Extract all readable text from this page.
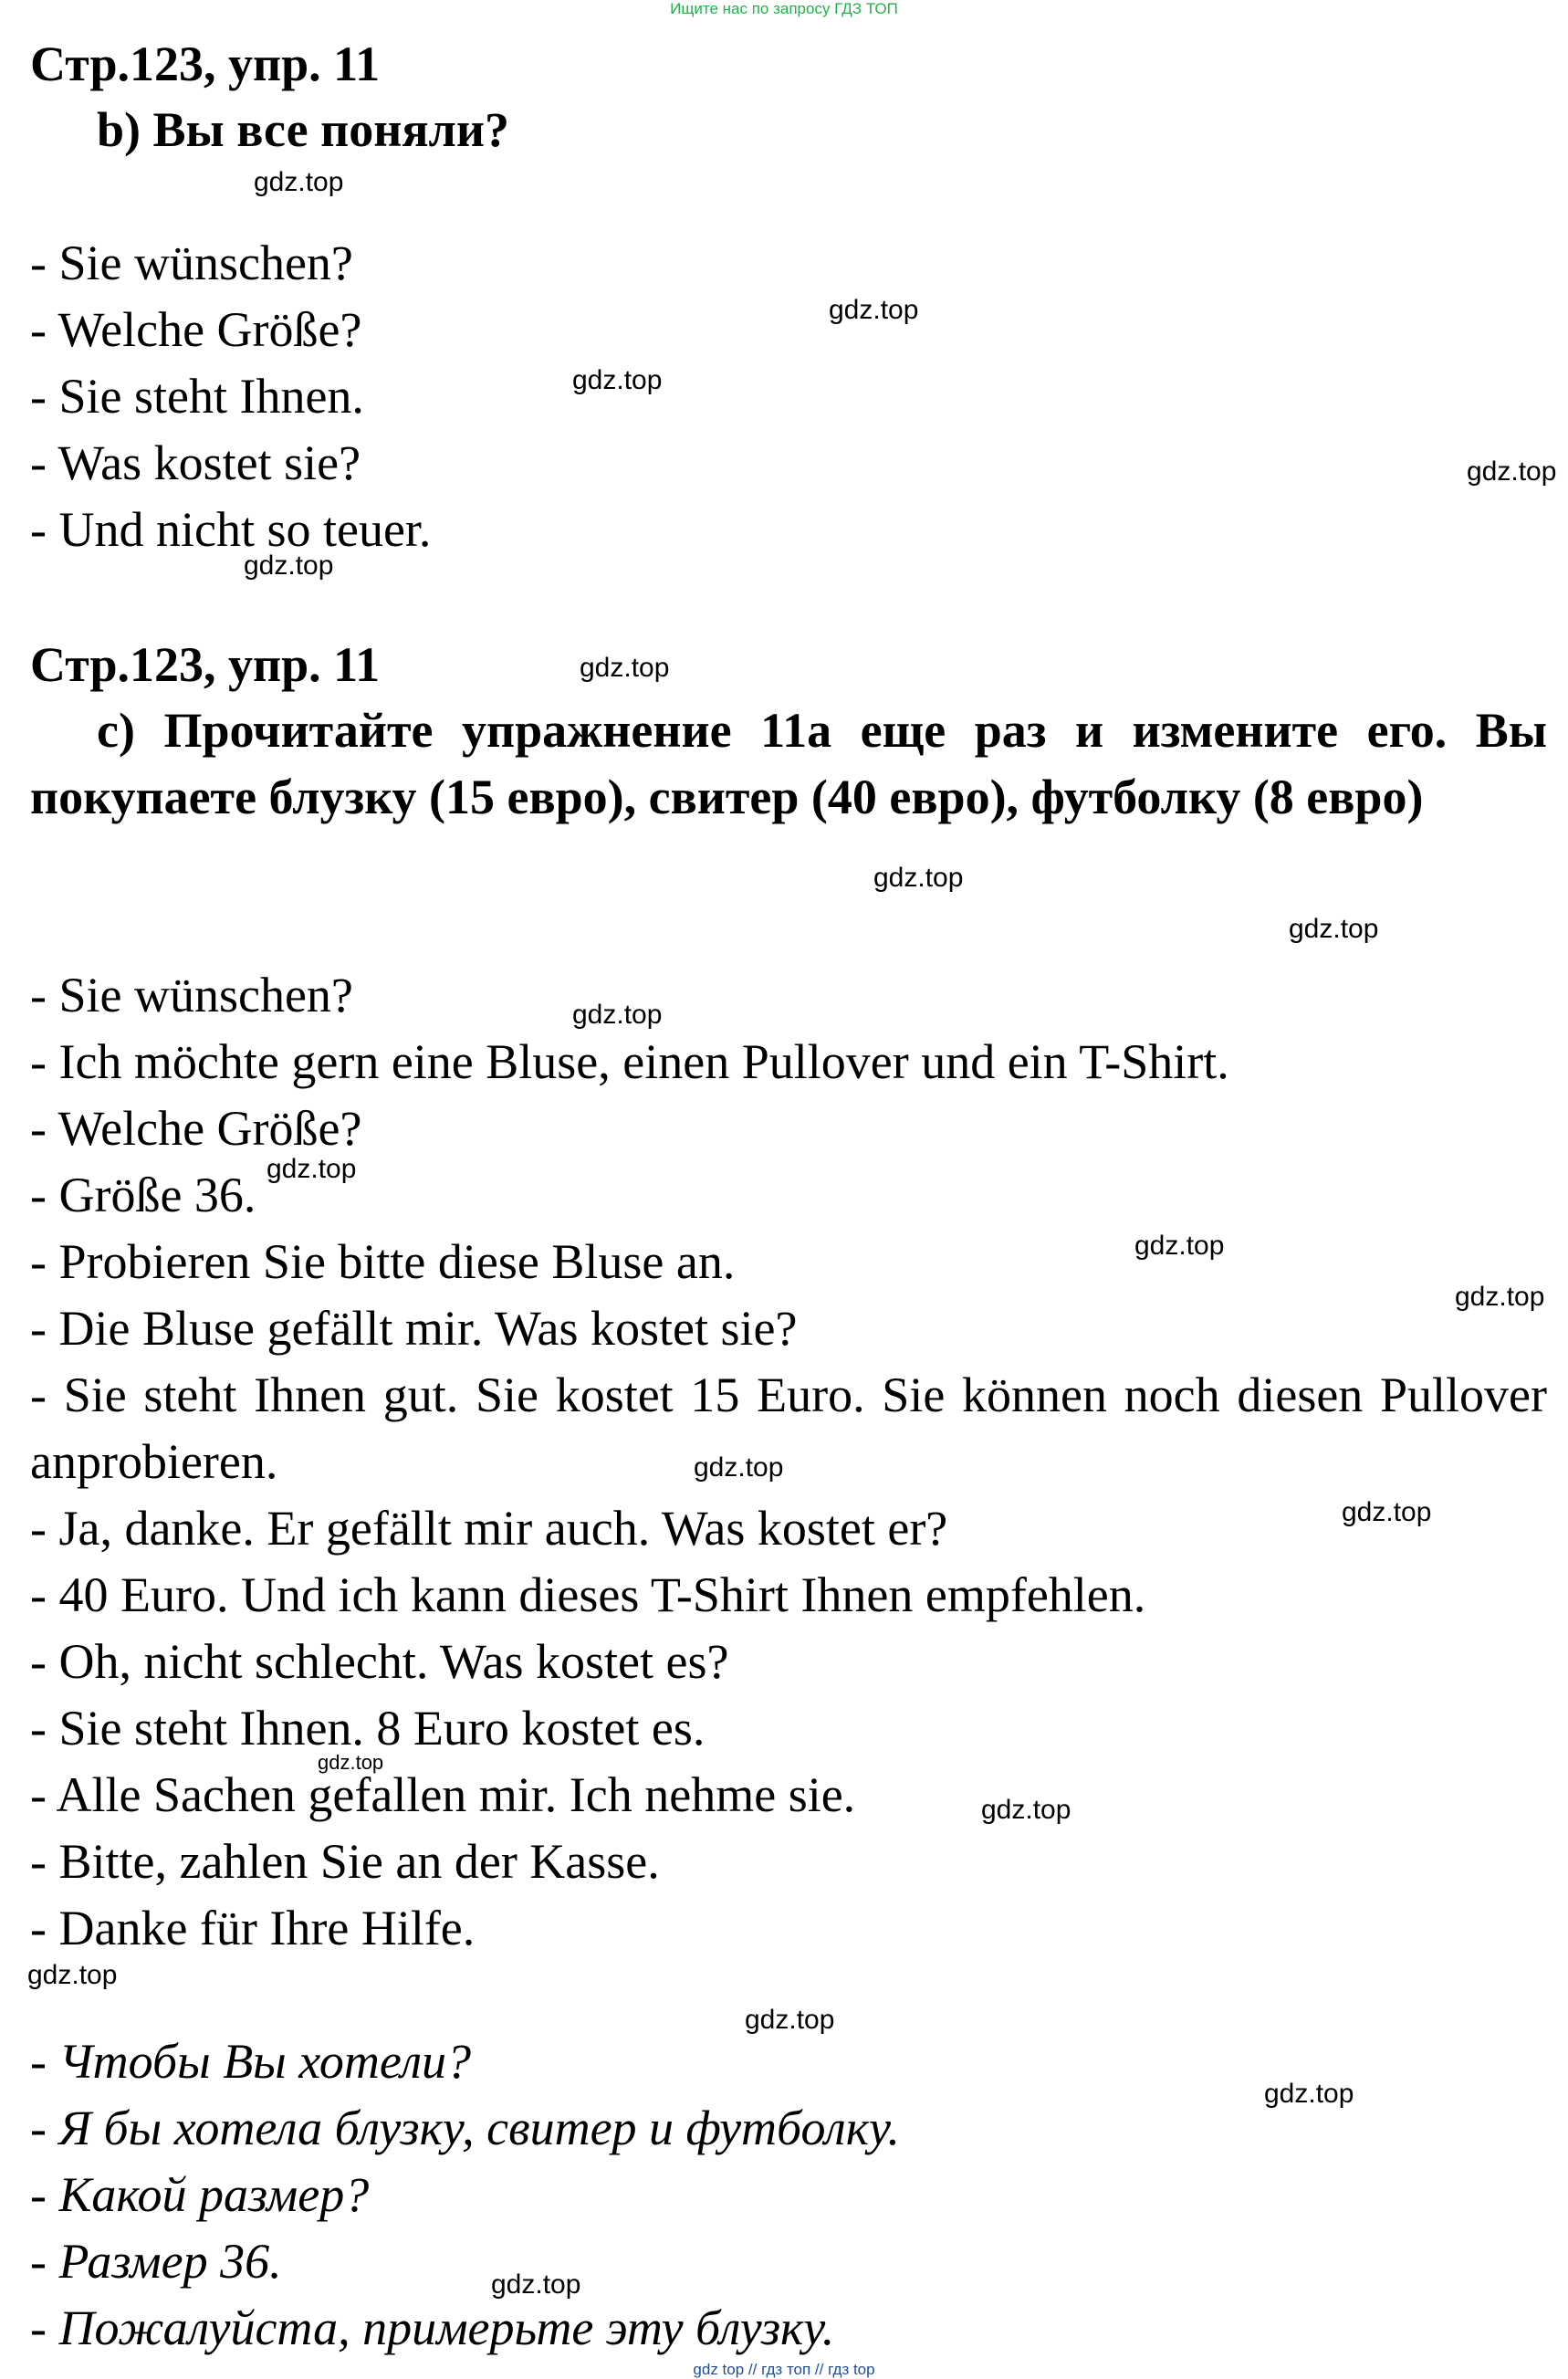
Ищите нас по запросу ГДЗ ТОП
Стр.123, упр. 11
b) Вы все поняли?
- Sie wünschen?
- Welche Größe?
- Sie steht Ihnen.
- Was kostet sie?
- Und nicht so teuer.
Стр.123, упр. 11

c) Прочитайте упражнение 11a еще раз и измените его. Вы покупаете блузку (15 евро), свитер (40 евро), футболку (8 евро)

- Sie wünschen?
- Ich möchte gern eine Bluse, einen Pullover und ein T-Shirt.
- Welche Größe?
- Größe 36.
- Probieren Sie bitte diese Bluse an.
- Die Bluse gefällt mir. Was kostet sie?

- Sie steht Ihnen gut. Sie kostet 15 Euro. Sie können noch diesen Pullover anprobieren.

- Ja, danke. Er gefällt mir auch. Was kostet er?
- 40 Euro. Und ich kann dieses T-Shirt Ihnen empfehlen.
- Oh, nicht schlecht. Was kostet es?
- Sie steht Ihnen. 8 Euro kostet es.
- Alle Sachen gefallen mir. Ich nehme sie.
- Bitte, zahlen Sie an der Kasse.
- Danke für Ihre Hilfe.
- Чтобы Вы хотели?
- Я бы хотела блузку, свитер и футболку.
- Какой размер?
- Размер 36.
- Пожалуйста, примерьте эту блузку.
gdz.top
gdz.top
gdz.top
gdz.top
gdz.top
gdz.top
gdz.top
gdz.top
gdz.top
gdz.top
gdz.top
gdz.top
gdz.top
gdz.top
gdz.top
gdz.top
gdz.top
gdz.top
gdz.top
gdz.top
gdz top // гдз топ // гдз top
